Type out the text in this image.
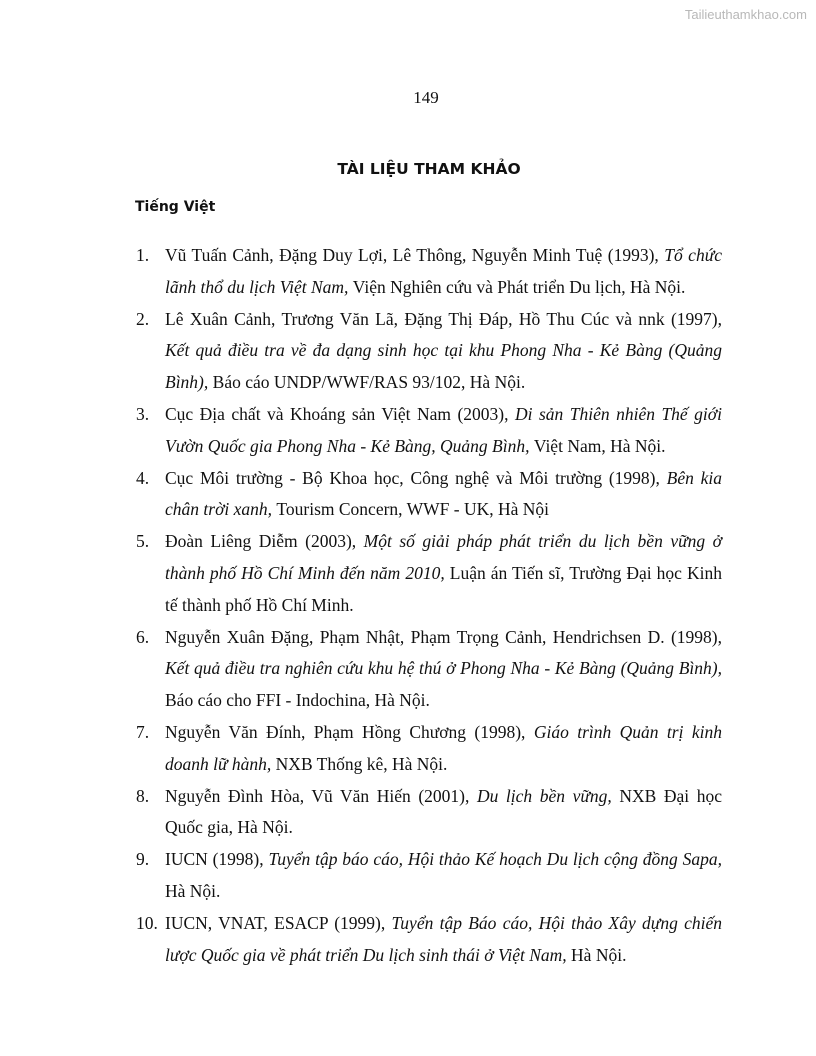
Tailieuthamkhao.com
149
TÀI LIỆU THAM KHẢO
Tiếng Việt
1. Vũ Tuấn Cảnh, Đặng Duy Lợi, Lê Thông, Nguyễn Minh Tuệ (1993), Tổ chức lãnh thổ du lịch Việt Nam, Viện Nghiên cứu và Phát triển Du lịch, Hà Nội.
2. Lê Xuân Cảnh, Trương Văn Lã, Đặng Thị Đáp, Hồ Thu Cúc và nnk (1997), Kết quả điều tra về đa dạng sinh học tại khu Phong Nha - Kẻ Bàng (Quảng Bình), Báo cáo UNDP/WWF/RAS 93/102, Hà Nội.
3. Cục Địa chất và Khoáng sản Việt Nam (2003), Di sản Thiên nhiên Thế giới Vườn Quốc gia Phong Nha - Kẻ Bàng, Quảng Bình, Việt Nam, Hà Nội.
4. Cục Môi trường - Bộ Khoa học, Công nghệ và Môi trường (1998), Bên kia chân trời xanh, Tourism Concern, WWF - UK, Hà Nội
5. Đoàn Liêng Diễm (2003), Một số giải pháp phát triển du lịch bền vững ở thành phố Hồ Chí Minh đến năm 2010, Luận án Tiến sĩ, Trường Đại học Kinh tế thành phố Hồ Chí Minh.
6. Nguyễn Xuân Đặng, Phạm Nhật, Phạm Trọng Cảnh, Hendrichsen D. (1998), Kết quả điều tra nghiên cứu khu hệ thú ở Phong Nha - Kẻ Bàng (Quảng Bình), Báo cáo cho FFI - Indochina, Hà Nội.
7. Nguyễn Văn Đính, Phạm Hồng Chương (1998), Giáo trình Quản trị kinh doanh lữ hành, NXB Thống kê, Hà Nội.
8. Nguyễn Đình Hòa, Vũ Văn Hiến (2001), Du lịch bền vững, NXB Đại học Quốc gia, Hà Nội.
9. IUCN (1998), Tuyển tập báo cáo, Hội thảo Kế hoạch Du lịch cộng đồng Sapa, Hà Nội.
10. IUCN, VNAT, ESACP (1999), Tuyển tập Báo cáo, Hội thảo Xây dựng chiến lược Quốc gia về phát triển Du lịch sinh thái ở Việt Nam, Hà Nội.
